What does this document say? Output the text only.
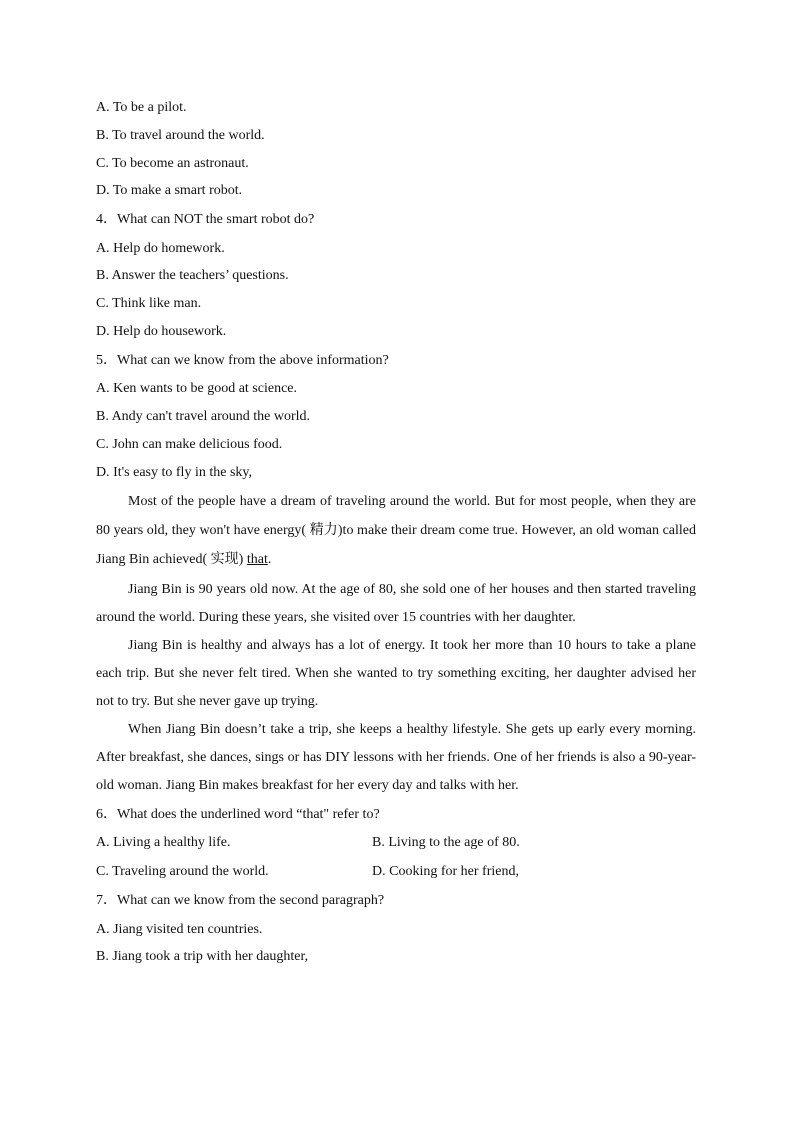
A. To be a pilot.
B. To travel around the world.
C. To become an astronaut.
D. To make a smart robot.
4．What can NOT the smart robot do?
A. Help do homework.
B. Answer the teachers’ questions.
C. Think like man.
D. Help do housework.
5．What can we know from the above information?
A. Ken wants to be good at science.
B. Andy can't travel around the world.
C. John can make delicious food.
D. It's easy to fly in the sky,

Most of the people have a dream of traveling around the world. But for most people, when they are 80 years old, they won't have energy( 精力)to make their dream come true. However, an old woman called Jiang Bin achieved( 实现) that.

Jiang Bin is 90 years old now. At the age of 80, she sold one of her houses and then started traveling around the world. During these years, she visited over 15 countries with her daughter.

Jiang Bin is healthy and always has a lot of energy. It took her more than 10 hours to take a plane each trip. But she never felt tired. When she wanted to try something exciting, her daughter advised her not to try. But she never gave up trying.

When Jiang Bin doesn’t take a trip, she keeps a healthy lifestyle. She gets up early every morning. After breakfast, she dances, sings or has DIY lessons with her friends. One of her friends is also a 90-year-old woman. Jiang Bin makes breakfast for her every day and talks with her.

6．What does the underlined word “that" refer to?
A. Living a healthy life.	B. Living to the age of 80.
C. Traveling around the world.	D. Cooking for her friend,
7．What can we know from the second paragraph?
A. Jiang visited ten countries.
B. Jiang took a trip with her daughter,
